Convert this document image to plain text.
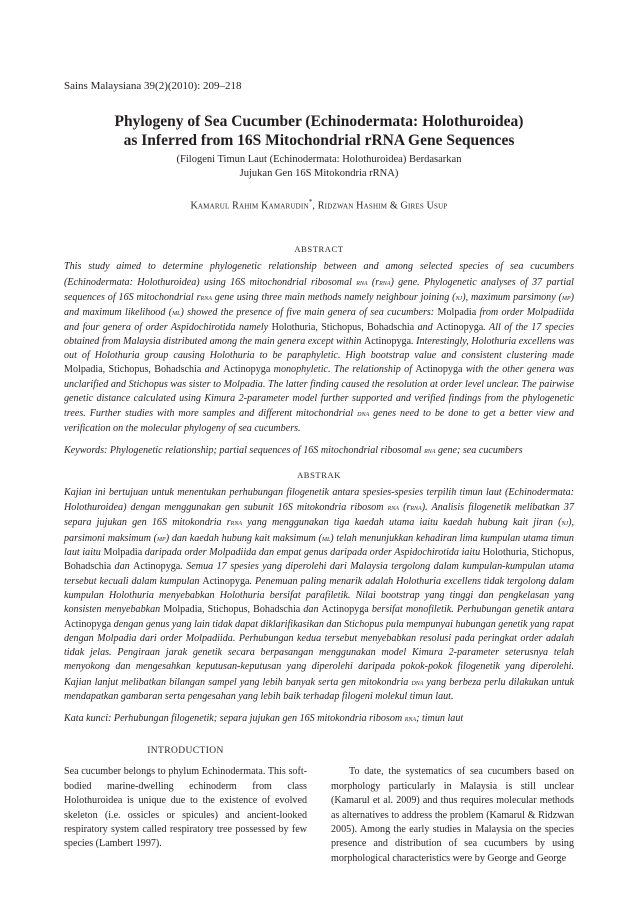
Sains Malaysiana 39(2)(2010): 209–218

Phylogeny of Sea Cucumber (Echinodermata: Holothuroidea)
as Inferred from 16S Mitochondrial rRNA Gene Sequences

(Filogeni Timun Laut (Echinodermata: Holothuroidea) Berdasarkan
Jujukan Gen 16S Mitokondria rRNA)

Kamarul Rahim Kamarudin*, Ridzwan Hashim & Gires Usup

ABSTRACT

This study aimed to determine phylogenetic relationship between and among selected species of sea cucumbers (Echinodermata: Holothuroidea) using 16S mitochondrial ribosomal rna (rrna) gene. Phylogenetic analyses of 37 partial sequences of 16S mitochondrial rrna gene using three main methods namely neighbour joining (nj), maximum parsimony (mp) and maximum likelihood (ml) showed the presence of five main genera of sea cucumbers: Molpadia from order Molpadiida and four genera of order Aspidochirotida namely Holothuria, Stichopus, Bohadschia and Actinopyga. All of the 17 species obtained from Malaysia distributed among the main genera except within Actinopyga. Interestingly, Holothuria excellens was out of Holothuria group causing Holothuria to be paraphyletic. High bootstrap value and consistent clustering made Molpadia, Stichopus, Bohadschia and Actinopyga monophyletic. The relationship of Actinopyga with the other genera was unclarified and Stichopus was sister to Molpadia. The latter finding caused the resolution at order level unclear. The pairwise genetic distance calculated using Kimura 2-parameter model further supported and verified findings from the phylogenetic trees. Further studies with more samples and different mitochondrial dna genes need to be done to get a better view and verification on the molecular phylogeny of sea cucumbers.

Keywords: Phylogenetic relationship; partial sequences of 16S mitochondrial ribosomal rna gene; sea cucumbers

ABSTRAK

Kajian ini bertujuan untuk menentukan perhubungan filogenetik antara spesies-spesies terpilih timun laut (Echinodermata: Holothuroidea) dengan menggunakan gen subunit 16S mitokondria ribosom rna (rrna). Analisis filogenetik melibatkan 37 separa jujukan gen 16S mitokondria rrna yang menggunakan tiga kaedah utama iaitu kaedah hubung kait jiran (nj), parsimoni maksimum (mp) dan kaedah hubung kait maksimum (ml) telah menunjukkan kehadiran lima kumpulan utama timun laut iaitu Molpadia daripada order Molpadiida dan empat genus daripada order Aspidochirotida iaitu Holothuria, Stichopus, Bohadschia dan Actinopyga. Semua 17 spesies yang diperolehi dari Malaysia tergolong dalam kumpulan-kumpulan utama tersebut kecuali dalam kumpulan Actinopyga. Penemuan paling menarik adalah Holothuria excellens tidak tergolong dalam kumpulan Holothuria menyebabkan Holothuria bersifat parafiletik. Nilai bootstrap yang tinggi dan pengkelasan yang konsisten menyebabkan Molpadia, Stichopus, Bohadschia dan Actinopyga bersifat monofiletik. Perhubungan genetik antara Actinopyga dengan genus yang lain tidak dapat diklarifikasikan dan Stichopus pula mempunyai hubungan genetik yang rapat dengan Molpadia dari order Molpadiida. Perhubungan kedua tersebut menyebabkan resolusi pada peringkat order adalah tidak jelas. Pengiraan jarak genetik secara berpasangan menggunakan model Kimura 2-parameter seterusnya telah menyokong dan mengesahkan keputusan-keputusan yang diperolehi daripada pokok-pokok filogenetik yang diperolehi. Kajian lanjut melibatkan bilangan sampel yang lebih banyak serta gen mitokondria dna yang berbeza perlu dilakukan untuk mendapatkan gambaran serta pengesahan yang lebih baik terhadap filogeni molekul timun laut.

Kata kunci: Perhubungan filogenetik; separa jujukan gen 16S mitokondria ribosom rna; timun laut

INTRODUCTION

Sea cucumber belongs to phylum Echinodermata. This soft-bodied marine-dwelling echinoderm from class Holothuroidea is unique due to the existence of evolved skeleton (i.e. ossicles or spicules) and ancient-looked respiratory system called respiratory tree possessed by few species (Lambert 1997).

To date, the systematics of sea cucumbers based on morphology particularly in Malaysia is still unclear (Kamarul et al. 2009) and thus requires molecular methods as alternatives to address the problem (Kamarul & Ridzwan 2005). Among the early studies in Malaysia on the species presence and distribution of sea cucumbers by using morphological characteristics were by George and George
